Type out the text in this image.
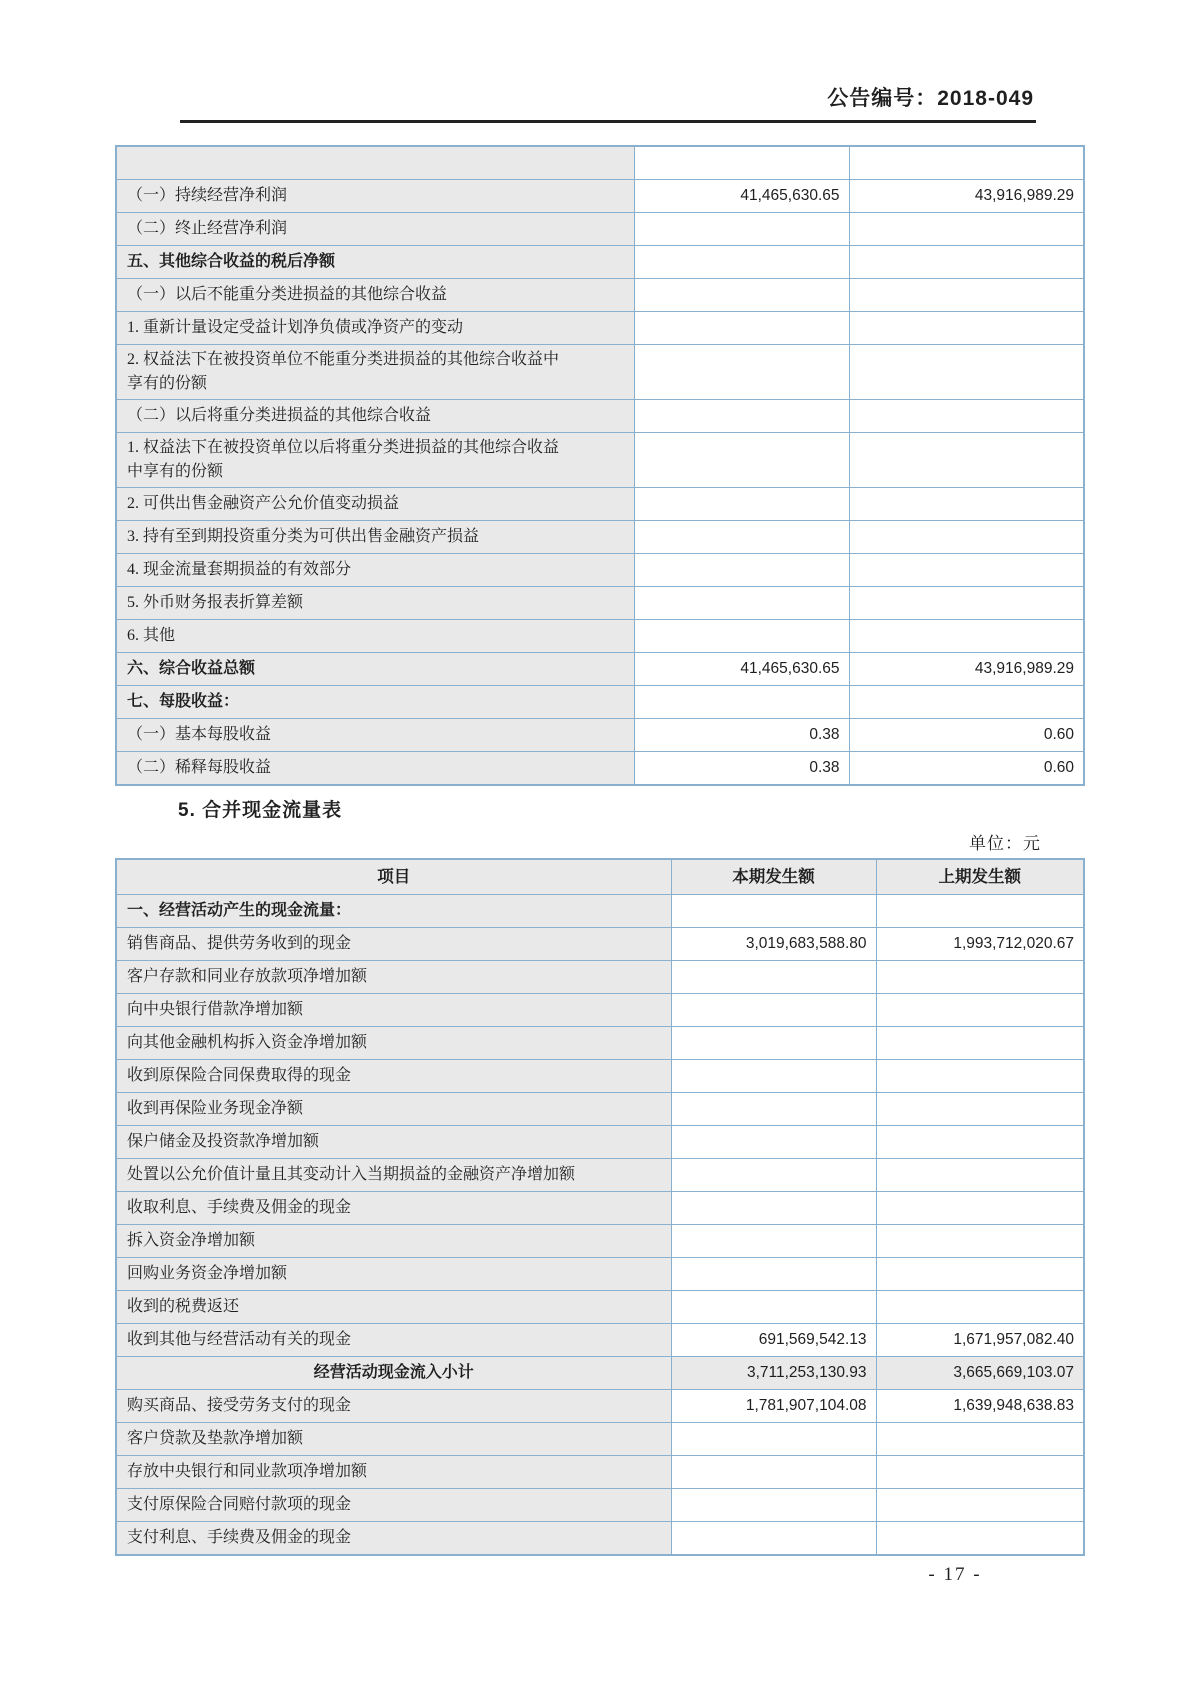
公告编号：2018-049

（一）持续经营净利润	41,465,630.65	43,916,989.29
（二）终止经营净利润		
五、其他综合收益的税后净额		
（一）以后不能重分类进损益的其他综合收益		
1. 重新计量设定受益计划净负债或净资产的变动		
2. 权益法下在被投资单位不能重分类进损益的其他综合收益中
享有的份额		
（二）以后将重分类进损益的其他综合收益		
1. 权益法下在被投资单位以后将重分类进损益的其他综合收益
中享有的份额		
2. 可供出售金融资产公允价值变动损益		
3. 持有至到期投资重分类为可供出售金融资产损益		
4. 现金流量套期损益的有效部分		
5. 外币财务报表折算差额		
6. 其他		
六、综合收益总额	41,465,630.65	43,916,989.29
七、每股收益：		
（一）基本每股收益	0.38	0.60
（二）稀释每股收益	0.38	0.60
5. 合并现金流量表
单位：元
项目	本期发生额	上期发生额
一、经营活动产生的现金流量：		
销售商品、提供劳务收到的现金	3,019,683,588.80	1,993,712,020.67
客户存款和同业存放款项净增加额		
向中央银行借款净增加额		
向其他金融机构拆入资金净增加额		
收到原保险合同保费取得的现金		
收到再保险业务现金净额		
保户储金及投资款净增加额		
处置以公允价值计量且其变动计入当期损益的金融资产净增加额		
收取利息、手续费及佣金的现金		
拆入资金净增加额		
回购业务资金净增加额		
收到的税费返还		
收到其他与经营活动有关的现金	691,569,542.13	1,671,957,082.40
经营活动现金流入小计	3,711,253,130.93	3,665,669,103.07
购买商品、接受劳务支付的现金	1,781,907,104.08	1,639,948,638.83
客户贷款及垫款净增加额		
存放中央银行和同业款项净增加额		
支付原保险合同赔付款项的现金		
支付利息、手续费及佣金的现金		
- 17 -
